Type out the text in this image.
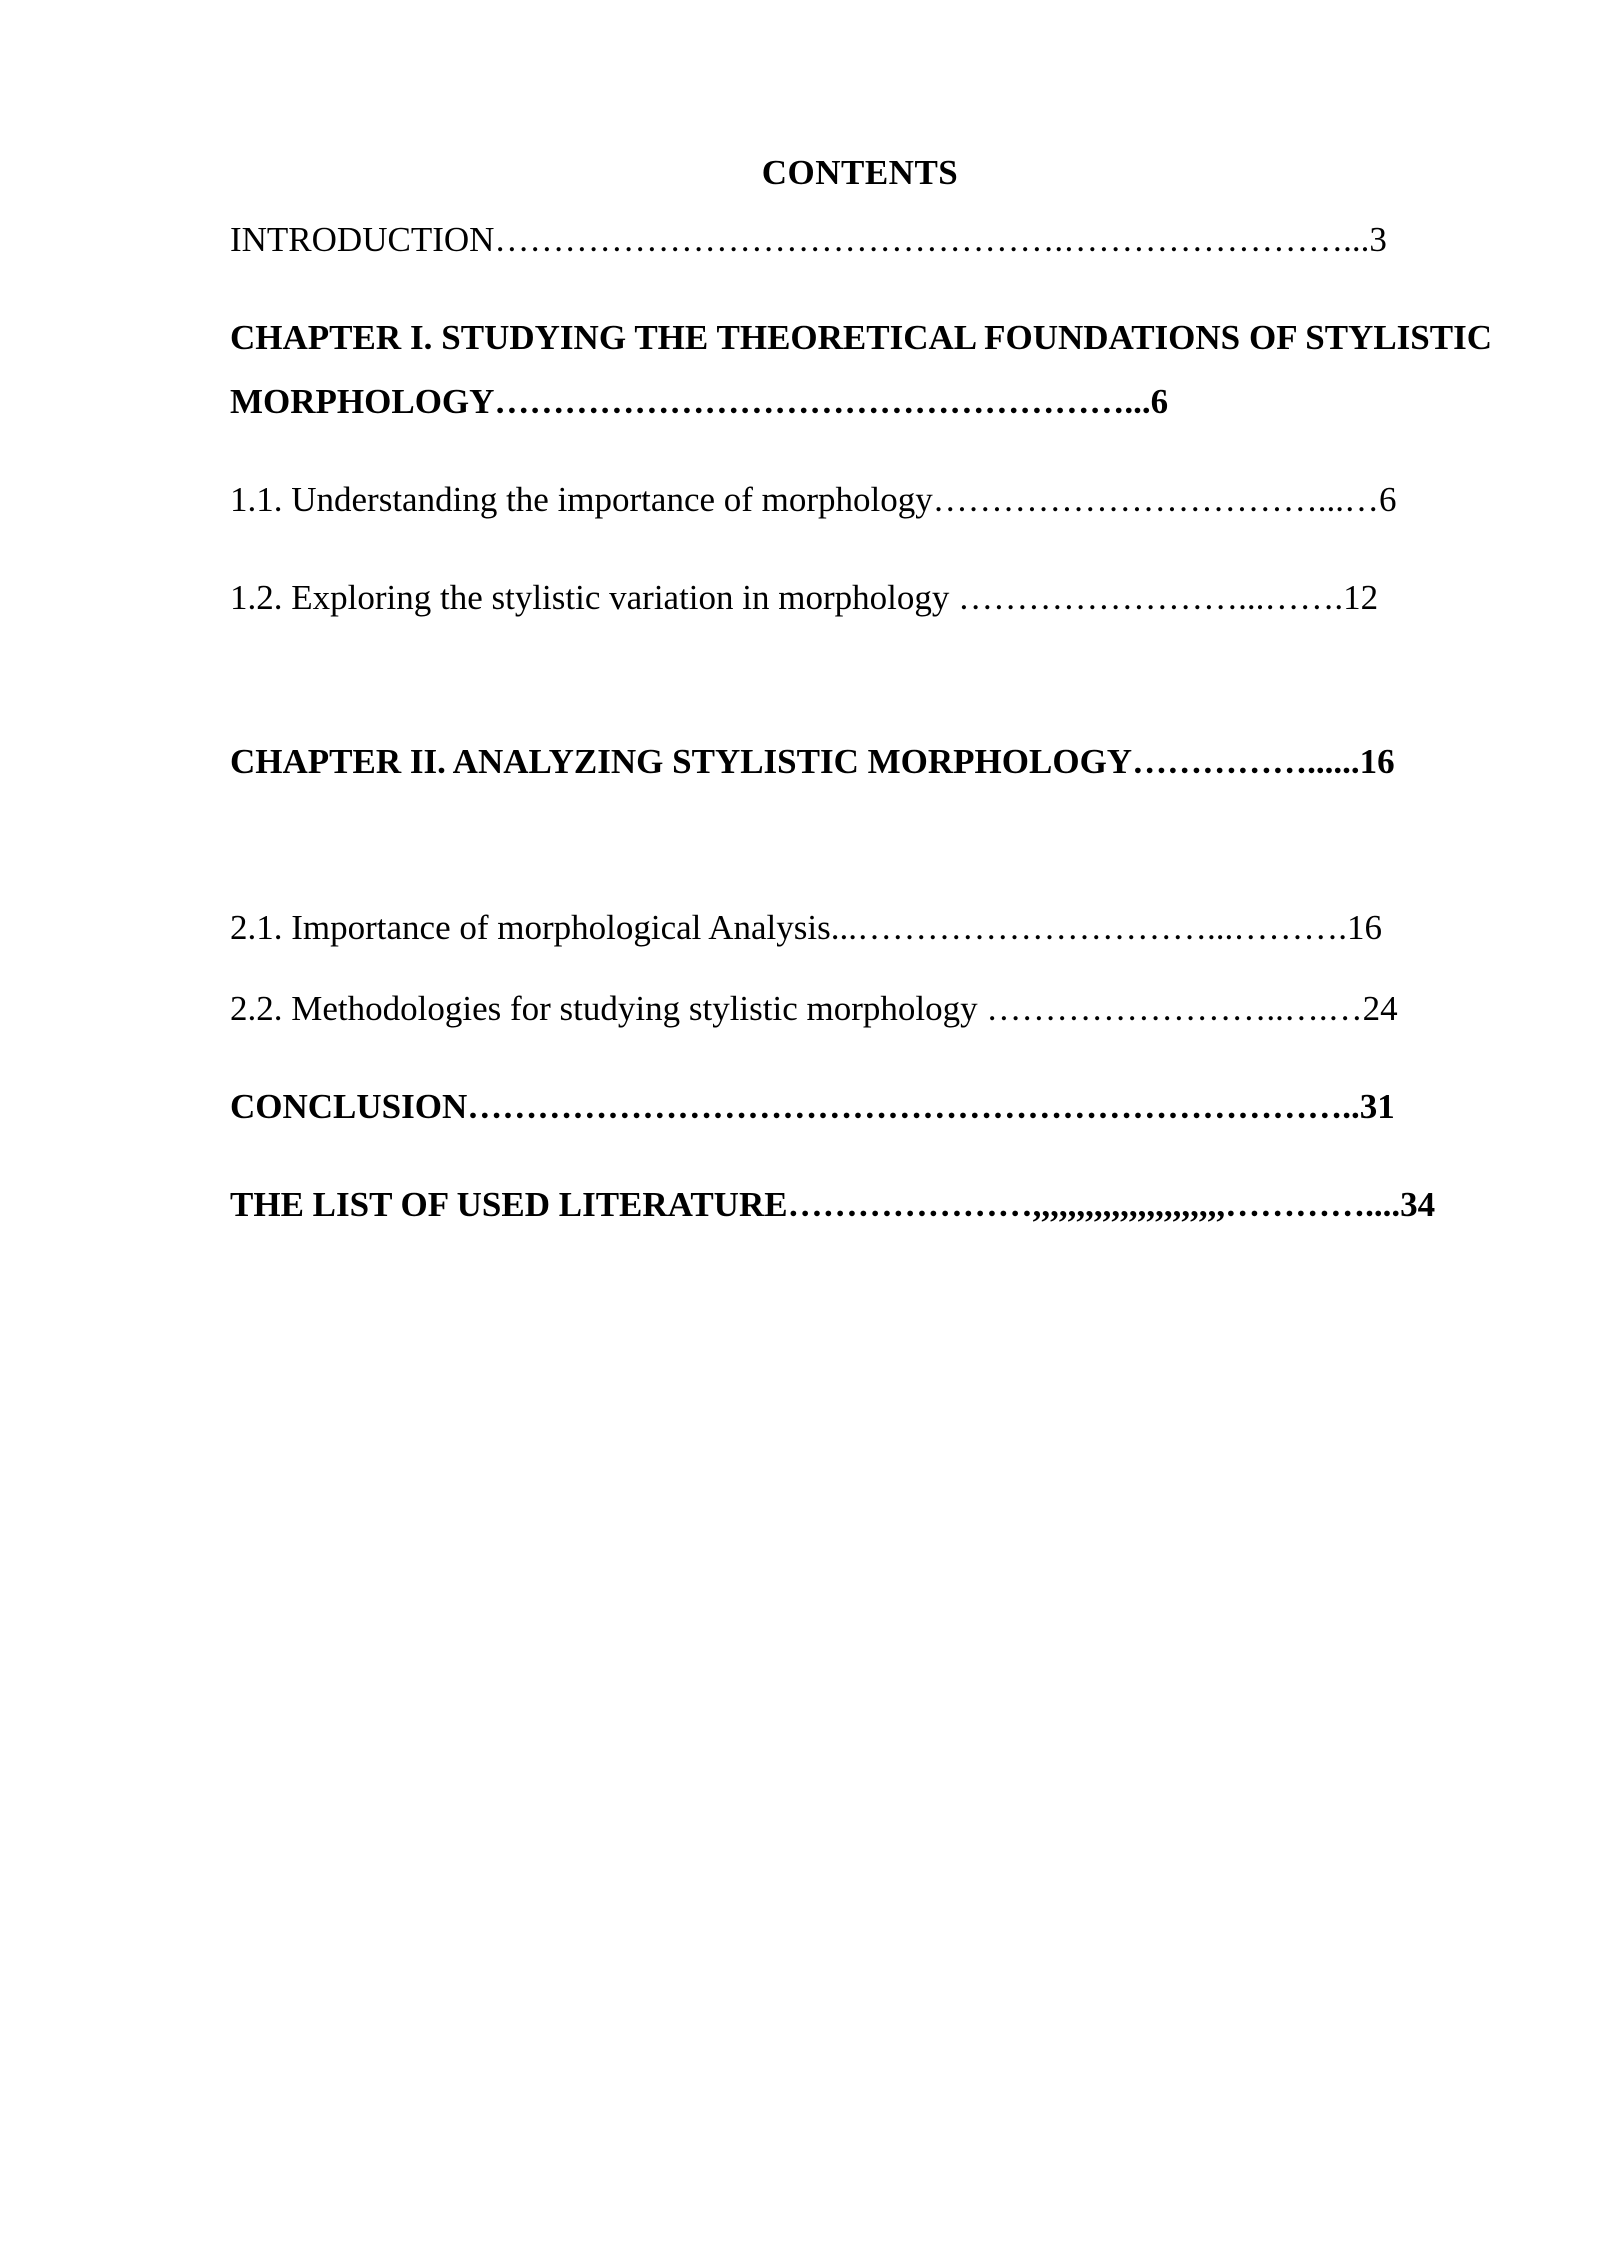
CONTENTS
INTRODUCTION………………………………………….……………………...3
CHAPTER I. STUDYING THE THEORETICAL FOUNDATIONS OF STYLISTIC MORPHOLOGY………………………………………………...6
1.1. Understanding the importance of morphology……………………………...…6
1.2. Exploring the stylistic variation in morphology ……………………...…….12
CHAPTER II. ANALYZING STYLISTIC MORPHOLOGY……………......16
2.1. Importance of morphological Analysis...…………………………...……….16
2.2. Methodologies for studying stylistic morphology ……………………..….…24
CONCLUSION…………………………………………………………………..31
THE LIST OF USED LITERATURE…………………,,,,,,,,,,,,,,,,,,,,,,…………....34
